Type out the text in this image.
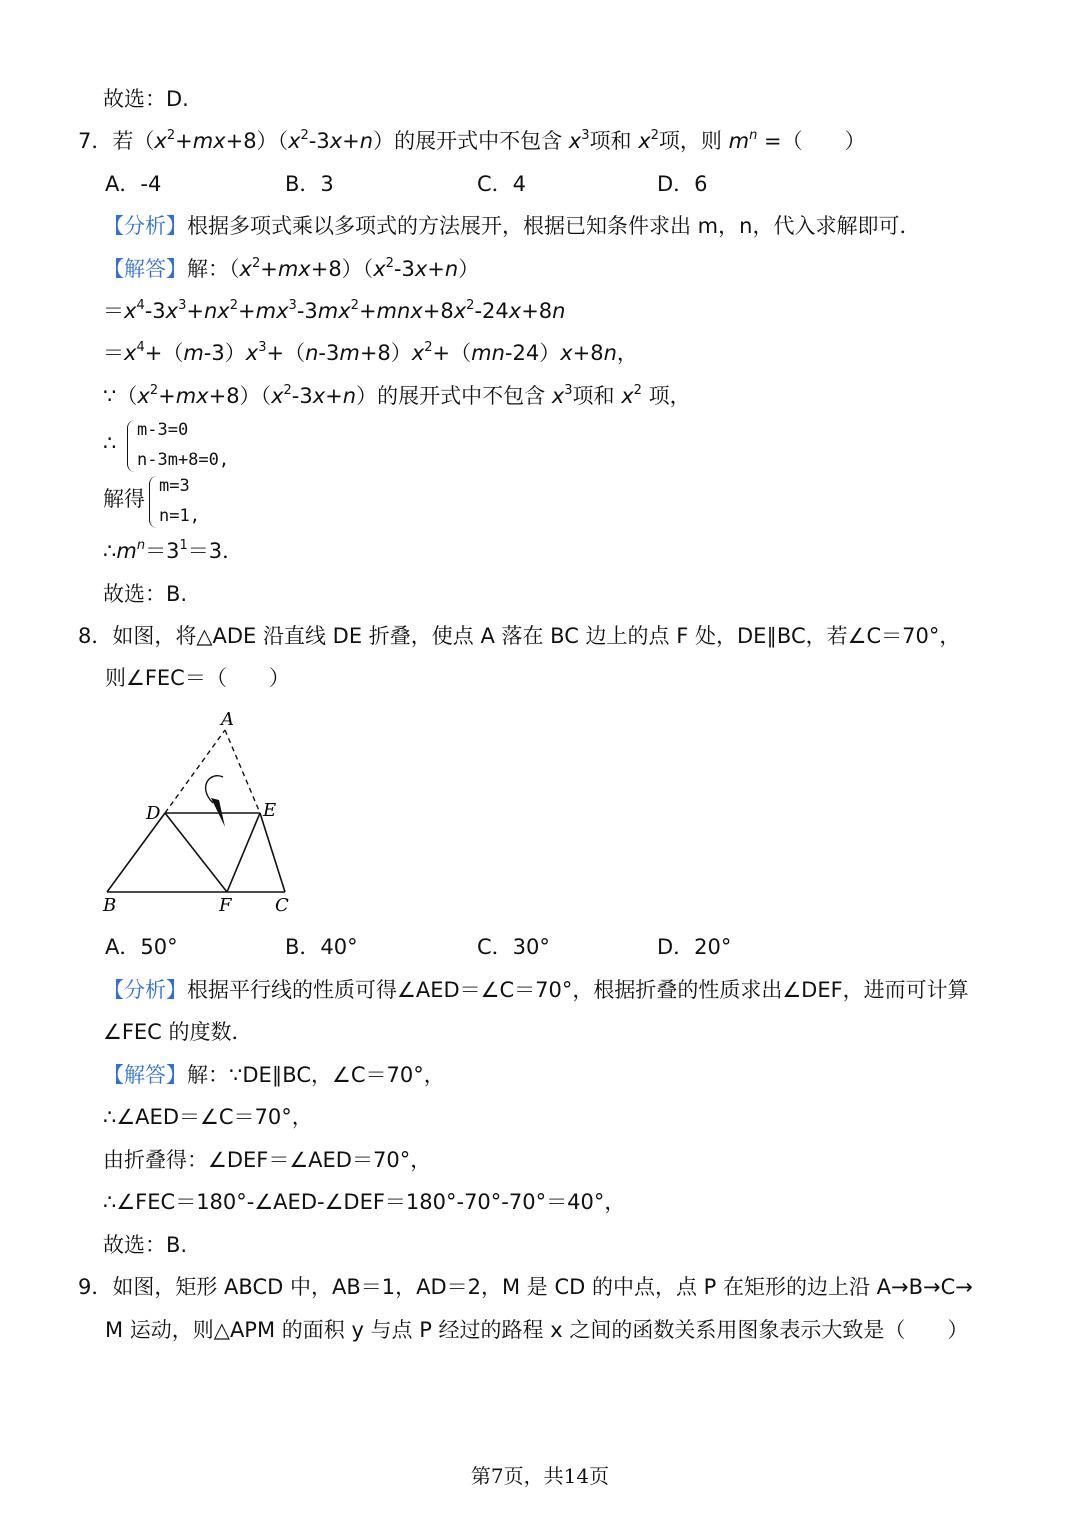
故选：D.
7．若$(x^2+mx+8)(x^2-3x+n)$的展开式中不包含 $x^3$项和 $x^2$项，则 $m^n$ =（　　）
A．-4	B．3	C．4	D．6
【分析】根据多项式乘以多项式的方法展开，根据已知条件求出 m，n，代入求解即可．
【解答】解：$(x^2+mx+8)(x^2-3x+n)$
$=x^4-3x^3+nx^2+mx^3-3mx^2+mnx+8x^2-24x+8n$
$=x^4+(m-3)x^3+(n-3m+8)x^2+(mn-24)x+8n$，
$\because(x^2+mx+8)(x^2-3x+n)$的展开式中不包含 $x^3$项和 $x^2$ 项，
∴
m-3=0
n-3m+8=0,
解得
m=3
n=1,
$\therefore m^n=3^1=3$．
故选：B.
8．如图，将△ADE 沿直线 DE 折叠，使点 A 落在 BC 边上的点 F 处，DE∥BC，若∠C＝70°，
则∠FEC＝（　　）
A
B	C
D	E
F
A．50°	B．40°	C．30°	D．20°
【分析】根据平行线的性质可得∠AED＝∠C＝70°，根据折叠的性质求出∠DEF，进而可计算
∠FEC 的度数．
【解答】解：∵DE∥BC，∠C＝70°，
∴∠AED＝∠C＝70°，
由折叠得：∠DEF＝∠AED＝70°，
∴∠FEC＝180°-∠AED-∠DEF＝180°-70°-70°＝40°，
故选：B.
9．如图，矩形 ABCD 中，AB＝1，AD＝2，M 是 CD 的中点，点 P 在矩形的边上沿 A→B→C→
M 运动，则△APM 的面积 y 与点 P 经过的路程 x 之间的函数关系用图象表示大致是（　　）
第7页，共14页
